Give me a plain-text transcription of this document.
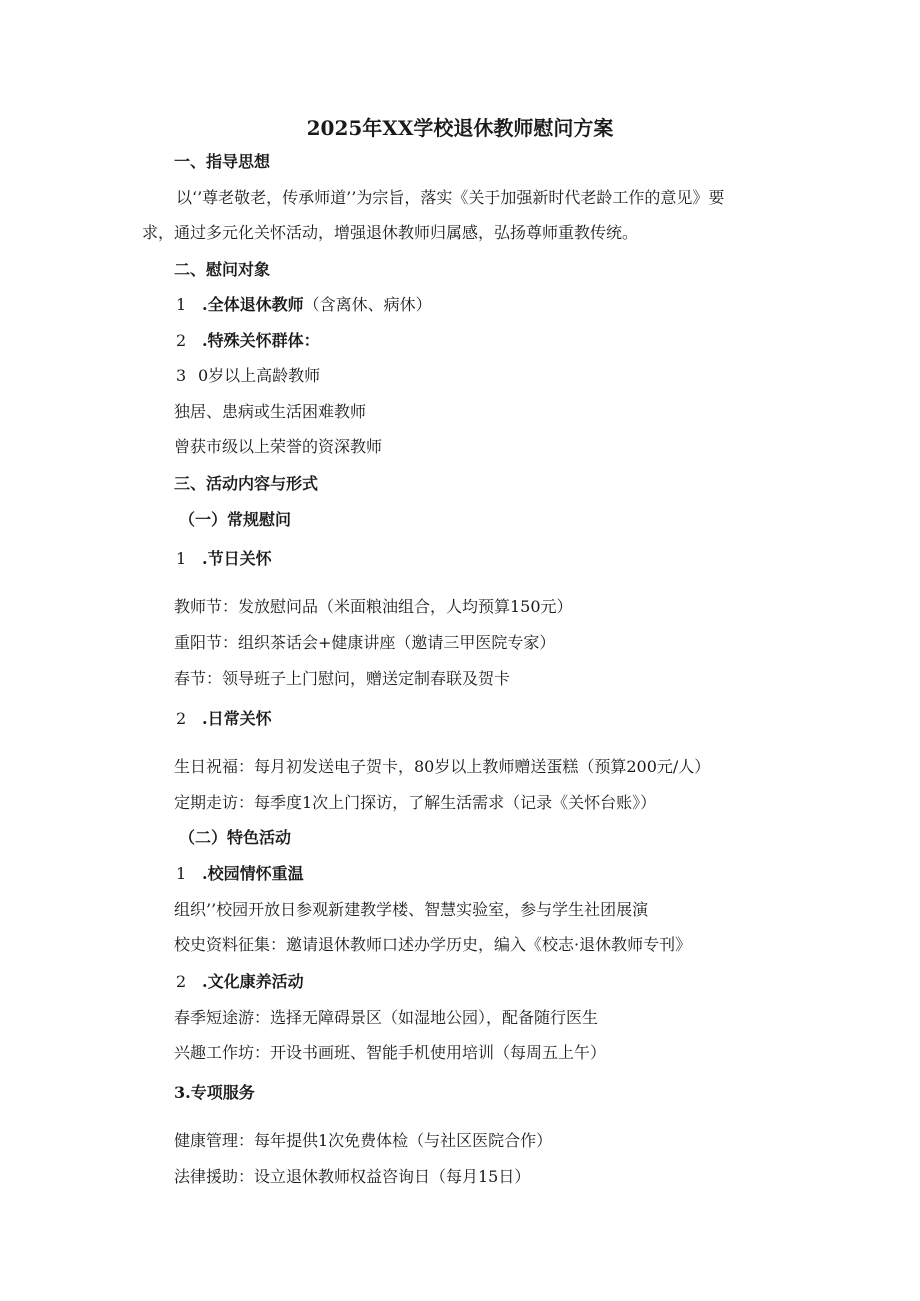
2025年XX学校退休教师慰问方案
一、指导思想
以‘’尊老敬老，传承师道’’为宗旨，落实《关于加强新时代老龄工作的意见》要
求，通过多元化关怀活动，增强退休教师归属感，弘扬尊师重教传统。
二、慰问对象
1 .全体退休教师（含离休、病休）
2 .特殊关怀群体：
3 0岁以上高龄教师
独居、患病或生活困难教师
曾获市级以上荣誉的资深教师
三、活动内容与形式
（一）常规慰问
1 .节日关怀
教师节：发放慰问品（米面粮油组合，人均预算150元）
重阳节：组织茶话会+健康讲座（邀请三甲医院专家）
春节：领导班子上门慰问，赠送定制春联及贺卡
2 .日常关怀
生日祝福：每月初发送电子贺卡，80岁以上教师赠送蛋糕（预算200元/人）
定期走访：每季度1次上门探访，了解生活需求（记录《关怀台账》）
（二）特色活动
1 .校园情怀重温
组织’’校园开放日参观新建教学楼、智慧实验室，参与学生社团展演
校史资料征集：邀请退休教师口述办学历史，编入《校志·退休教师专刊》
2 .文化康养活动
春季短途游：选择无障碍景区（如湿地公园），配备随行医生
兴趣工作坊：开设书画班、智能手机使用培训（每周五上午）
3.专项服务
健康管理：每年提供1次免费体检（与社区医院合作）
法律援助：设立退休教师权益咨询日（每月15日）
